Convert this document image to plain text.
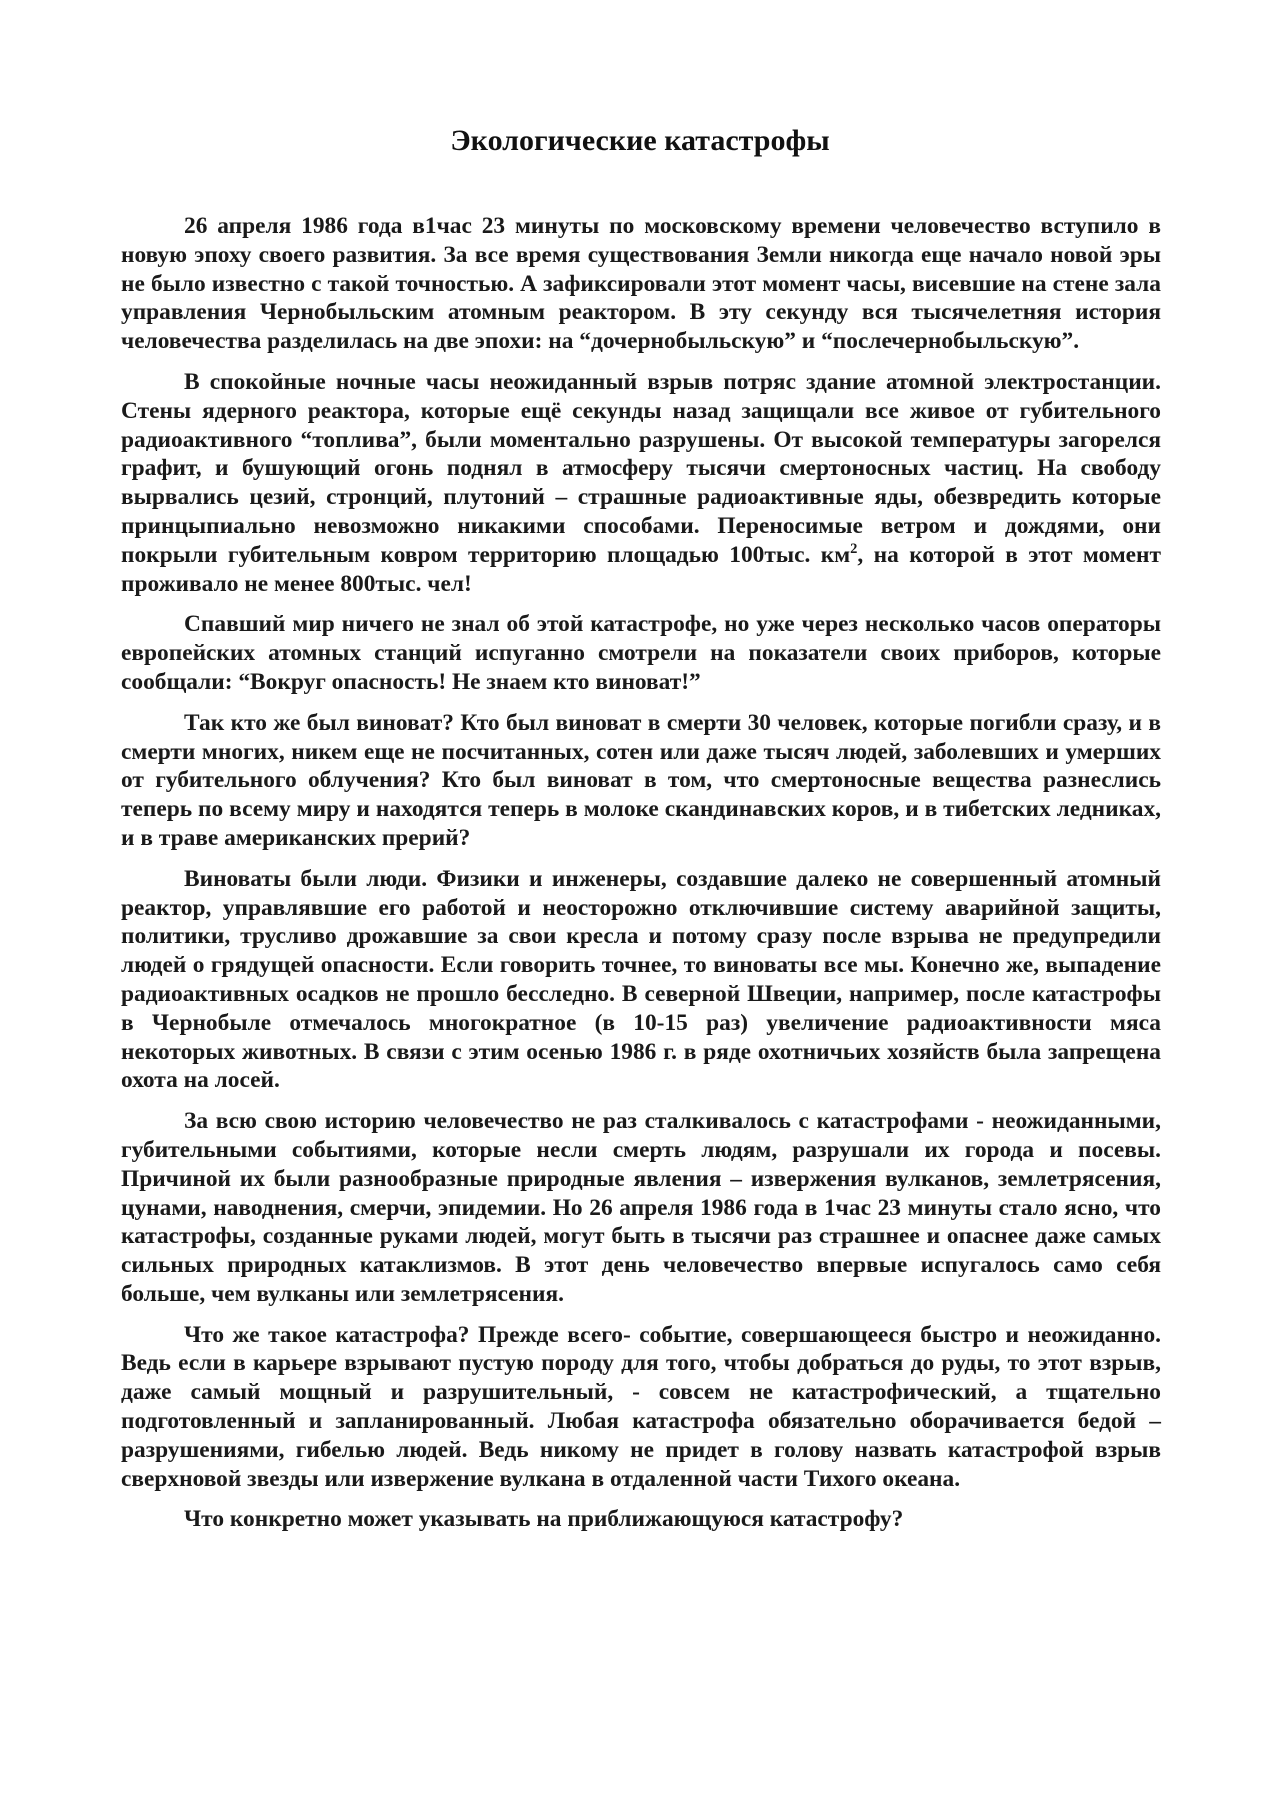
Экологические катастрофы

26 апреля 1986 года в1час 23 минуты по московскому времени человечество вступило в новую эпоху своего развития. За все время существования Земли никогда еще начало новой эры не было известно с такой точностью. А зафиксировали этот момент часы, висевшие на стене зала управления Чернобыльским атомным реактором. В эту секунду вся тысячелетняя история человечества разделилась на две эпохи: на “дочернобыльскую” и “послечернобыльскую”.

В спокойные ночные часы неожиданный взрыв потряс здание атомной электростанции. Стены ядерного реактора, которые ещё секунды назад защищали все живое от губительного радиоактивного “топлива”, были моментально разрушены. От высокой температуры загорелся графит, и бушующий огонь поднял в атмосферу тысячи смертоносных частиц. На свободу вырвались цезий, стронций, плутоний – страшные радиоактивные яды, обезвредить которые принцыпиально невозможно никакими способами. Переносимые ветром и дождями, они покрыли губительным ковром территорию площадью 100тыс. $км^2$, на которой в этот момент проживало не менее 800тыс. чел!

Спавший мир ничего не знал об этой катастрофе, но уже через несколько часов операторы европейских атомных станций испуганно смотрели на показатели своих приборов, которые сообщали: “Вокруг опасность! Не знаем кто виноват!”

Так кто же был виноват? Кто был виноват в смерти 30 человек, которые погибли сразу, и в смерти многих, никем еще не посчитанных, сотен или даже тысяч людей, заболевших и умерших от губительного облучения? Кто был виноват в том, что смертоносные вещества разнеслись теперь по всему миру и находятся теперь в молоке скандинавских коров, и в тибетских ледниках, и в траве американских прерий?

Виноваты были люди. Физики и инженеры, создавшие далеко не совершенный атомный реактор, управлявшие его работой и неосторожно отключившие систему аварийной защиты, политики, трусливо дрожавшие за свои кресла и потому сразу после взрыва не предупредили людей о грядущей опасности. Если говорить точнее, то виноваты все мы. Конечно же, выпадение радиоактивных осадков не прошло бесследно. В северной Швеции, например, после катастрофы в Чернобыле отмечалось многократное (в 10-15 раз) увеличение радиоактивности мяса некоторых животных. В связи с этим осенью 1986 г. в ряде охотничьих хозяйств была запрещена охота на лосей.

За всю свою историю человечество не раз сталкивалось с катастрофами - неожиданными, губительными событиями, которые несли смерть людям, разрушали их города и посевы. Причиной их были разнообразные природные явления – извержения вулканов, землетрясения, цунами, наводнения, смерчи, эпидемии. Но 26 апреля 1986 года в 1час 23 минуты стало ясно, что катастрофы, созданные руками людей, могут быть в тысячи раз страшнее и опаснее даже самых сильных природных катаклизмов. В этот день человечество впервые испугалось само себя больше, чем вулканы или землетрясения.

Что же такое катастрофа? Прежде всего- событие, совершающееся быстро и неожиданно. Ведь если в карьере взрывают пустую породу для того, чтобы добраться до руды, то этот взрыв, даже самый мощный и разрушительный, - совсем не катастрофический, а тщательно подготовленный и запланированный. Любая катастрофа обязательно оборачивается бедой – разрушениями, гибелью людей. Ведь никому не придет в голову назвать катастрофой взрыв сверхновой звезды или извержение вулкана в отдаленной части Тихого океана.

Что конкретно может указывать на приближающуюся катастрофу?
